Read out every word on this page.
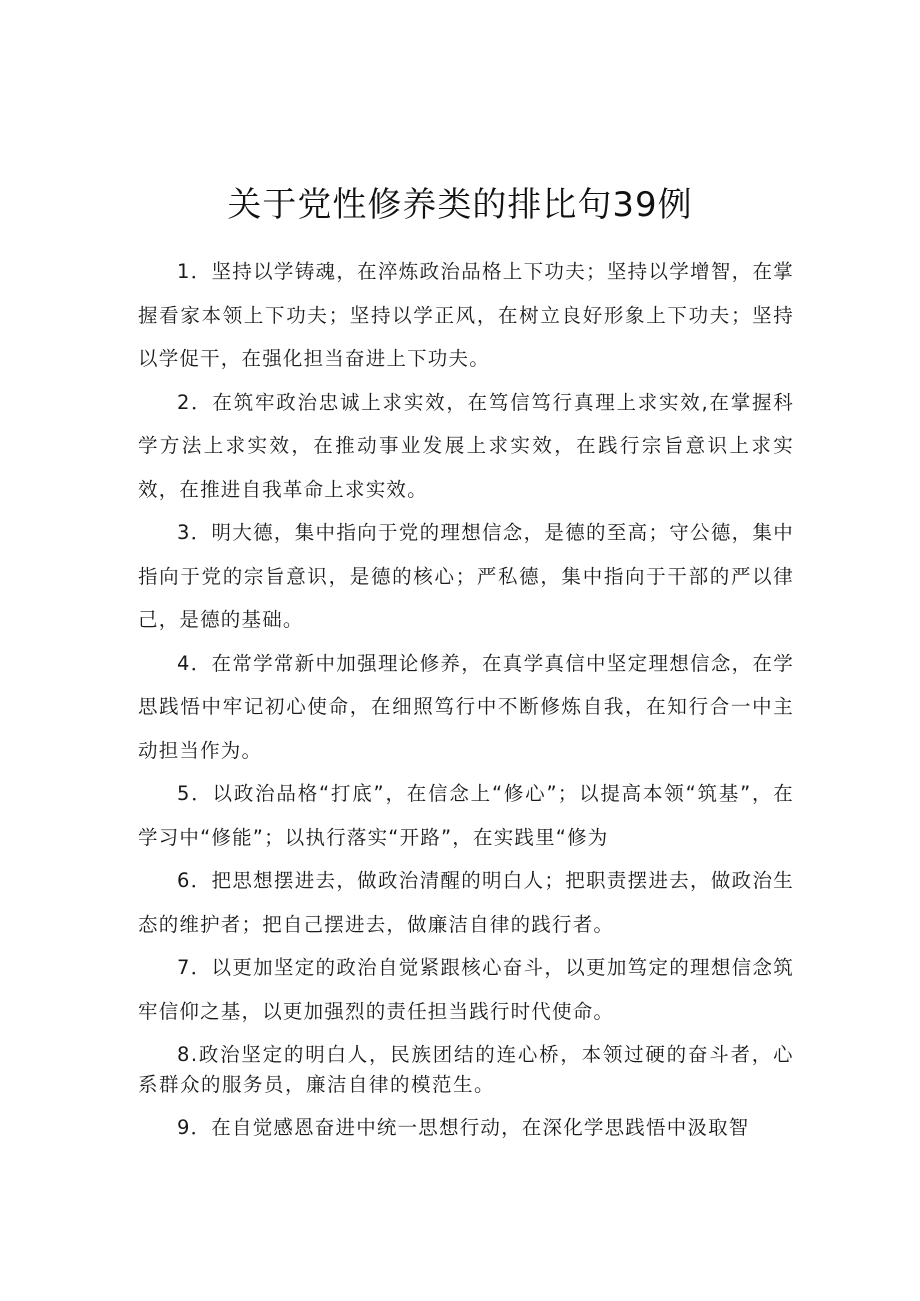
关于党性修养类的排比句39例

1．坚持以学铸魂，在淬炼政治品格上下功夫；坚持以学增智，在掌握看家本领上下功夫；坚持以学正风，在树立良好形象上下功夫；坚持以学促干，在强化担当奋进上下功夫。

2．在筑牢政治忠诚上求实效，在笃信笃行真理上求实效,在掌握科学方法上求实效，在推动事业发展上求实效，在践行宗旨意识上求实效，在推进自我革命上求实效。

3．明大德，集中指向于党的理想信念，是德的至高；守公德，集中指向于党的宗旨意识，是德的核心；严私德，集中指向于干部的严以律己，是德的基础。

4．在常学常新中加强理论修养，在真学真信中坚定理想信念，在学思践悟中牢记初心使命，在细照笃行中不断修炼自我，在知行合一中主动担当作为。

5．以政治品格“打底”，在信念上“修心”；以提高本领“筑基”，在学习中“修能”；以执行落实“开路”，在实践里“修为

6．把思想摆进去，做政治清醒的明白人；把职责摆进去，做政治生态的维护者；把自己摆进去，做廉洁自律的践行者。

7．以更加坚定的政治自觉紧跟核心奋斗，以更加笃定的理想信念筑牢信仰之基，以更加强烈的责任担当践行时代使命。

8.政治坚定的明白人，民族团结的连心桥，本领过硬的奋斗者，心系群众的服务员，廉洁自律的模范生。

9．在自觉感恩奋进中统一思想行动，在深化学思践悟中汲取智
